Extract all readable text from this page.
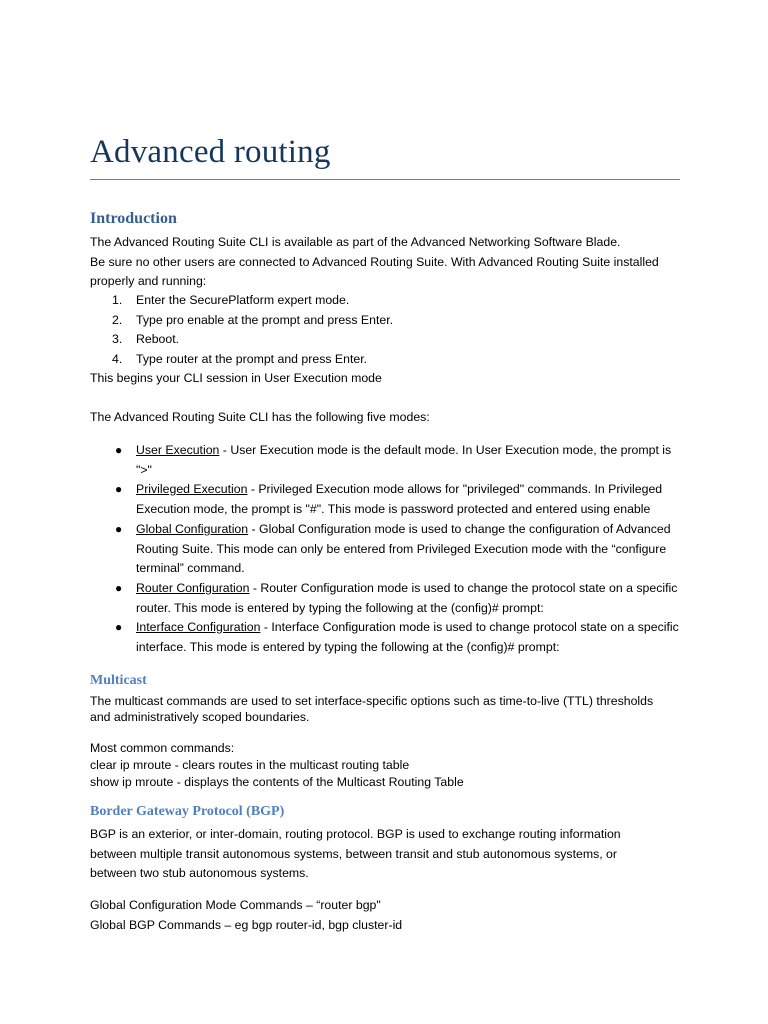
Advanced routing
Introduction
The Advanced Routing Suite CLI is available as part of the Advanced Networking Software Blade.
Be sure no other users are connected to Advanced Routing Suite. With Advanced Routing Suite installed
properly and running:
1. Enter the SecurePlatform expert mode.
2. Type pro enable at the prompt and press Enter.
3. Reboot.
4. Type router at the prompt and press Enter.
This begins your CLI session in User Execution mode
The Advanced Routing Suite CLI has the following five modes:
● User Execution - User Execution mode is the default mode. In User Execution mode, the prompt is ">"
● Privileged Execution - Privileged Execution mode allows for "privileged" commands. In Privileged Execution mode, the prompt is "#". This mode is password protected and entered using enable
● Global Configuration - Global Configuration mode is used to change the configuration of Advanced Routing Suite. This mode can only be entered from Privileged Execution mode with the “configure terminal” command.
● Router Configuration - Router Configuration mode is used to change the protocol state on a specific router. This mode is entered by typing the following at the (config)# prompt:
● Interface Configuration - Interface Configuration mode is used to change protocol state on a specific interface. This mode is entered by typing the following at the (config)# prompt:
Multicast
The multicast commands are used to set interface-specific options such as time-to-live (TTL) thresholds
and administratively scoped boundaries.
Most common commands:
clear ip mroute - clears routes in the multicast routing table
show ip mroute - displays the contents of the Multicast Routing Table
Border Gateway Protocol (BGP)
BGP is an exterior, or inter-domain, routing protocol. BGP is used to exchange routing information
between multiple transit autonomous systems, between transit and stub autonomous systems, or
between two stub autonomous systems.
Global Configuration Mode Commands – “router bgp"
Global BGP Commands – eg bgp router-id, bgp cluster-id
